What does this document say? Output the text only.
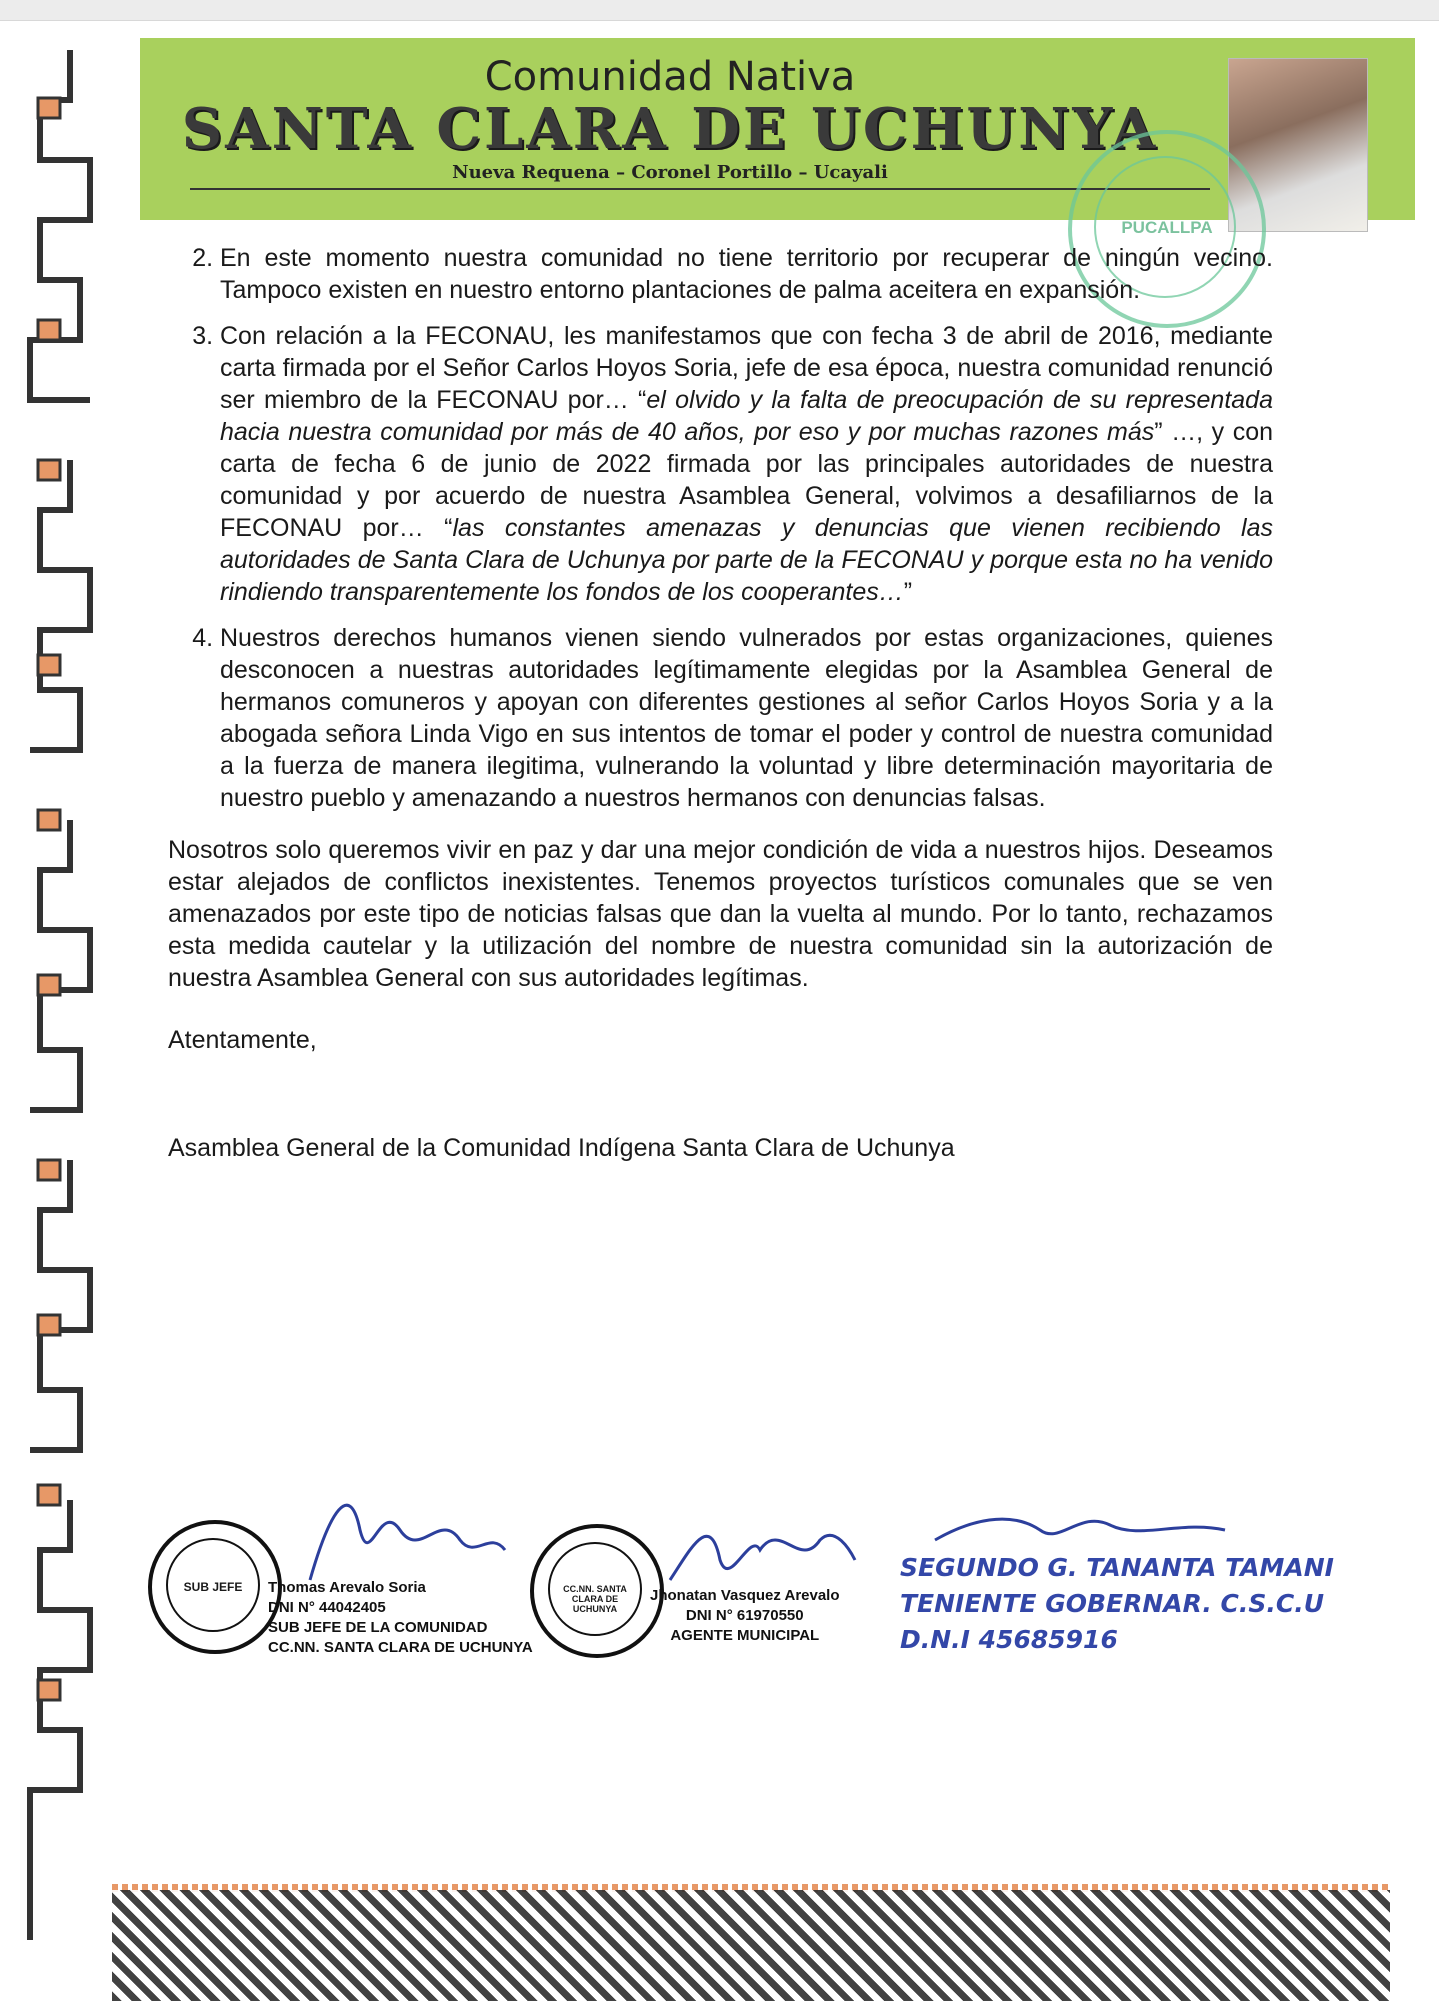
Comunidad Nativa
SANTA CLARA DE UCHUNYA
Nueva Requena – Coronel Portillo – Ucayali
PUCALLPA
2. En este momento nuestra comunidad no tiene territorio por recuperar de ningún vecino. Tampoco existen en nuestro entorno plantaciones de palma aceitera en expansión.
3. Con relación a la FECONAU, les manifestamos que con fecha 3 de abril de 2016, mediante carta firmada por el Señor Carlos Hoyos Soria, jefe de esa época, nuestra comunidad renunció ser miembro de la FECONAU por… “el olvido y la falta de preocupación de su representada hacia nuestra comunidad por más de 40 años, por eso y por muchas razones más” …, y con carta de fecha 6 de junio de 2022 firmada por las principales autoridades de nuestra comunidad y por acuerdo de nuestra Asamblea General, volvimos a desafiliarnos de la FECONAU por… “las constantes amenazas y denuncias que vienen recibiendo las autoridades de Santa Clara de Uchunya por parte de la FECONAU y porque esta no ha venido rindiendo transparentemente los fondos de los cooperantes…”
4. Nuestros derechos humanos vienen siendo vulnerados por estas organizaciones, quienes desconocen a nuestras autoridades legítimamente elegidas por la Asamblea General de hermanos comuneros y apoyan con diferentes gestiones al señor Carlos Hoyos Soria y a la abogada señora Linda Vigo en sus intentos de tomar el poder y control de nuestra comunidad a la fuerza de manera ilegitima, vulnerando la voluntad y libre determinación mayoritaria de nuestro pueblo y amenazando a nuestros hermanos con denuncias falsas.

Nosotros solo queremos vivir en paz y dar una mejor condición de vida a nuestros hijos. Deseamos estar alejados de conflictos inexistentes. Tenemos proyectos turísticos comunales que se ven amenazados por este tipo de noticias falsas que dan la vuelta al mundo. Por lo tanto, rechazamos esta medida cautelar y la utilización del nombre de nuestra comunidad sin la autorización de nuestra Asamblea General con sus autoridades legítimas.

Atentamente,

Asamblea General de la Comunidad Indígena Santa Clara de Uchunya

SUB JEFE	Thomas Arevalo Soria
DNI N° 44042405
SUB JEFE DE LA COMUNIDAD
CC.NN. SANTA CLARA DE UCHUNYA
CC.NN. SANTA CLARA DE UCHUNYA
Jhonatan Vasquez Arevalo
DNI N° 61970550
AGENTE MUNICIPAL
SEGUNDO G. TANANTA TAMANI
TENIENTE GOBERNAR. C.S.C.U
D.N.I 45685916
